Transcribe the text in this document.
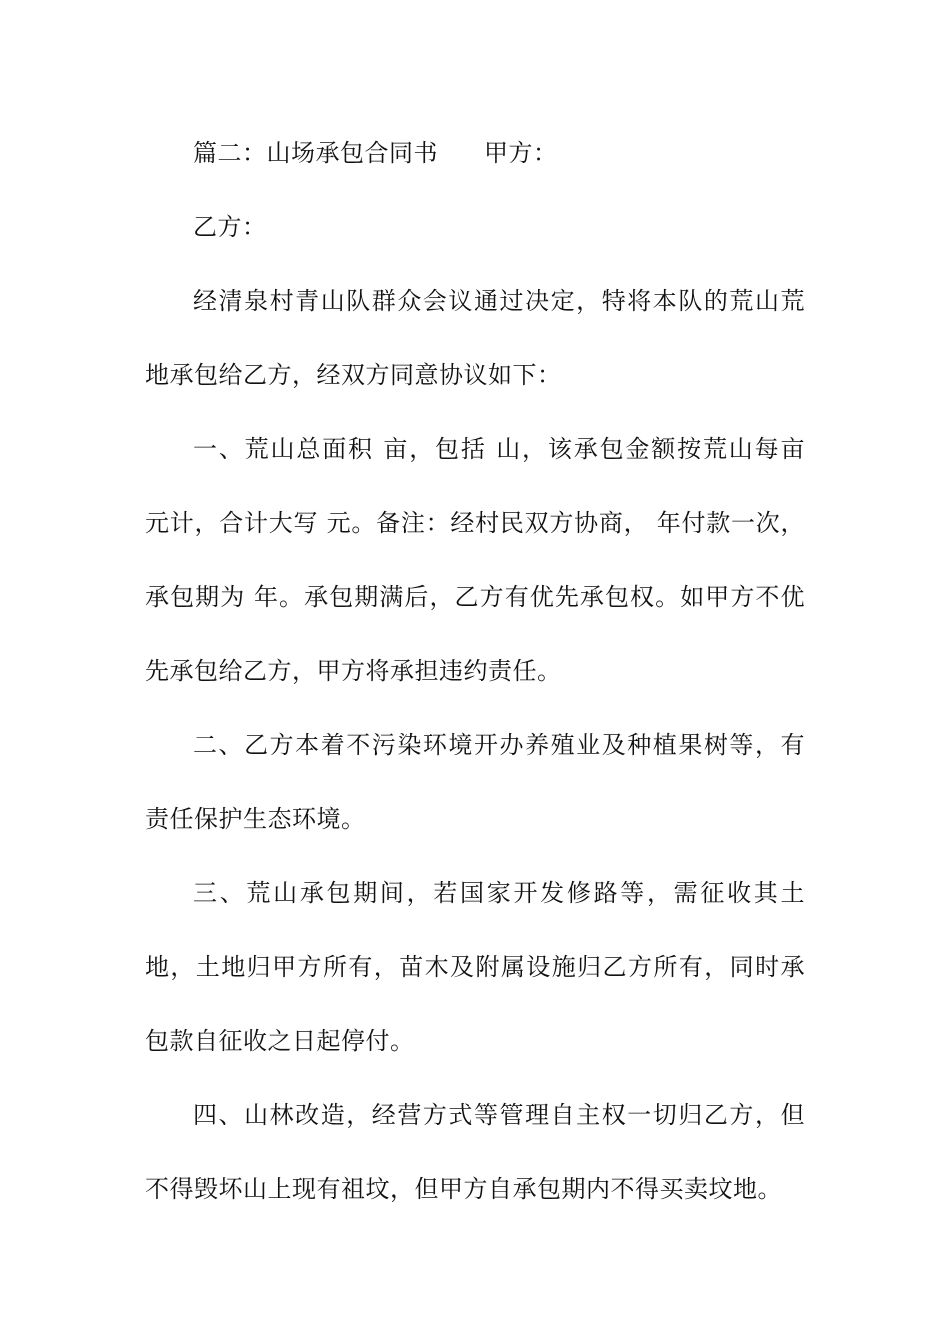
篇二：山场承包合同书 甲方：

乙方：

经清泉村青山队群众会议通过决定，特将本队的荒山荒地承包给乙方，经双方同意协议如下：

一、荒山总面积 亩，包括 山，该承包金额按荒山每亩 元计，合计大写 元。备注：经村民双方协商， 年付款一次，承包期为 年。承包期满后，乙方有优先承包权。如甲方不优先承包给乙方，甲方将承担违约责任。

二、乙方本着不污染环境开办养殖业及种植果树等，有责任保护生态环境。

三、荒山承包期间，若国家开发修路等，需征收其土地，土地归甲方所有，苗木及附属设施归乙方所有，同时承包款自征收之日起停付。

四、山林改造，经营方式等管理自主权一切归乙方，但不得毁坏山上现有祖坟，但甲方自承包期内不得买卖坟地。
